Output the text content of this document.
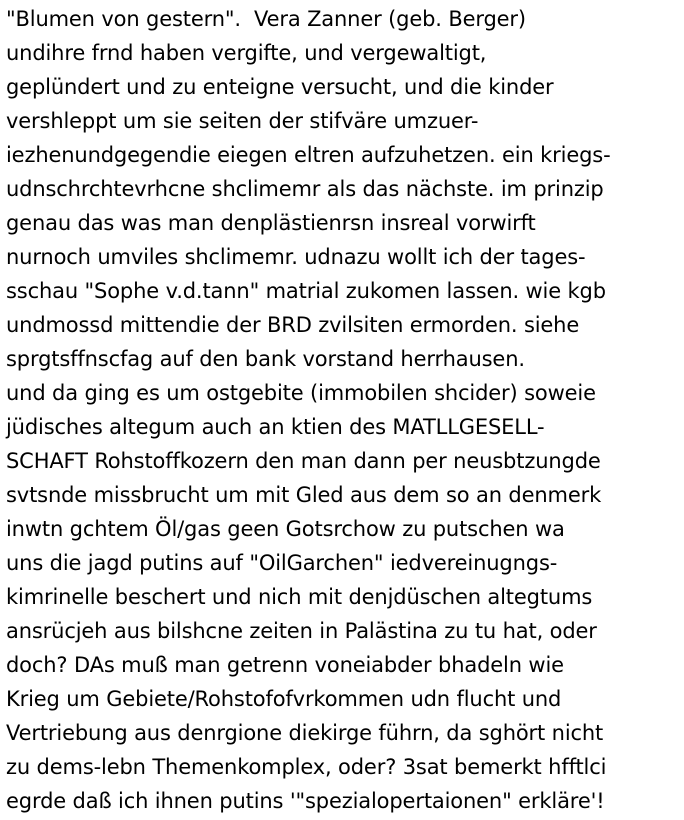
"Blumen von gestern".  Vera Zanner (geb. Berger)
undihre frnd haben vergifte, und vergewaltigt,
geplündert und zu enteigne versucht, und die kinder
vershleppt um sie seiten der stifväre umzuer-
iezhenundgegendie eiegen eltren aufzuhetzen. ein kriegs-
udnschrchtevrhcne shclimemr als das nächste. im prinzip
genau das was man denplästienrsn insreal vorwirft
nurnoch umviles shclimemr. udnazu wollt ich der tages-
sschau "Sophe v.d.tann" matrial zukomen lassen. wie kgb
undmossd mittendie der BRD zvilsiten ermorden. siehe
sprgtsffnscfag auf den bank vorstand herrhausen.
und da ging es um ostgebite (immobilen shcider) soweie
jüdisches altegum auch an ktien des MATLLGESELL-
SCHAFT Rohstoffkozern den man dann per neusbtzungde
svtsnde missbrucht um mit Gled aus dem so an denmerk
inwtn gchtem Öl/gas geen Gotsrchow zu putschen wa
uns die jagd putins auf "OilGarchen" iedvereinugngs-
kimrinelle beschert und nich mit denjdüschen altegtums
ansrücjeh aus bilshcne zeiten in Palästina zu tu hat, oder
doch? DAs muß man getrenn voneiabder bhadeln wie
Krieg um Gebiete/Rohstofofvrkommen udn flucht und
Vertriebung aus denrgione diekirge führn, da sghört nicht
zu dems-lebn Themenkomplex, oder? 3sat bemerkt hfftlci
egrde daß ich ihnen putins '"spezialopertaionen" erkläre'!
